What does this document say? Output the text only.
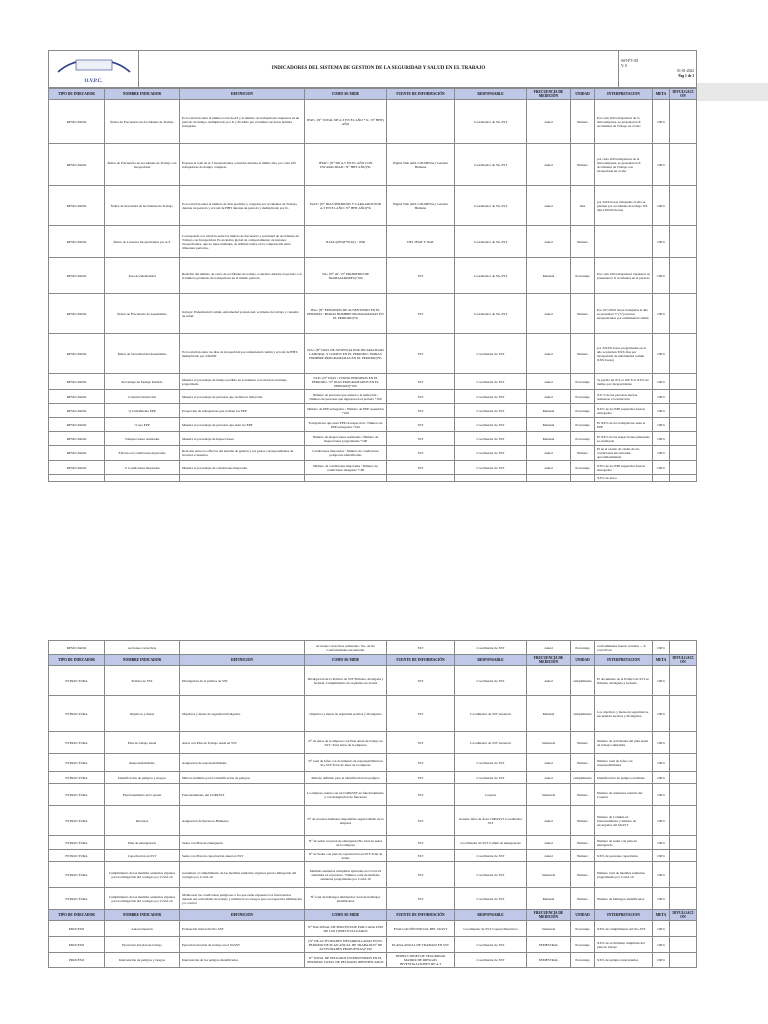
O.V.P.C.
	INDICADORES DEL SISTEMA DE GESTION DE LA SEGURIDAD Y SALUD EN EL TRABAJO	
SST-FT-101
V: 0
01-01-2022
Pag 1 de 1
TIPO DE INDICADOR	NOMBRE INDICADOR	DEFINICION	COMO SE MIDE	FUENTE DE INFORMACIÓN	RESPONSABLE	FRECUENCIA DE MEDICIÓN	UNIDAD	INTERPRETACION	META	DIVULGACION
RESULTADO	Índice de Frecuencia de Accidentes de Trabajo	Es la relación entre el número total de AT y el número de trabajadores expuestos en un período de tiempo, multiplicado por K y dividido por el número de horas hombre trabajadas.	IFAT= (N° TOTAL DE A.T EN EL AÑO * K / N° HHT) AÑO		Coordinador de SG-SST	Anual	Numero	Por cada 100 trabajadores de la microempresa, se presentaron X Accidentes de Trabajo en el año	100%	
RESULTADO	Índice de Frecuencia de Accidentes de Trabajo con Incapacidad	Expresa el total de A.T incapacitantes ocurridos durante el último año, por cada 100 trabajadores de tiempo completo.	IFIAT= (N° DE A.T EN EL AÑO CON INCAPACIDAD / N° HHT AÑO)*K	Página Web ARL COLMENA y Gestión Humana	Coordinador de SG-SST	Anual	Numero	por cada 100 trabajadores de la microempresa, se presentaron X Accidentes de Trabajo con incapacidad en el año	100%	
RESULTADO	Índice de Severidad de Accidentes de Trabajo	Es la relación entre el número de días perdidos y cargados por accidentes de Trabajo, durante un periodo y el total de HHT durante un periodo y multiplicado por K.	ISAT= (N° DIAS PERDIDOS Y CARGADOS POR A.T EN EL AÑO / N° HHT AÑO)*K	Página Web ARL COLMENA y Gestión Humana	Coordinador de SG-SST	Anual	días	por XXX horas trabajadas al año se pierden por accidentes de trabajo XX días (365.00 horas)	100%	
RESULTADO	Índice de Lesiones Incapacitantes por A.T	Corresponde a la relación entre los índices de frecuencia y severidad de Accidentes de Trabajo con Incapacidad. Es un índice global de comportamiento de lesiones incapacitantes, que no tiene unidades, su utilidad radica en la comparación entre diferentes periodos.	ILIAT=(IFIAT*ISAT) / 1000	DEL IFIAT Y ISAT	Coordinador de SG-SST	Anual	Numero		100%	
RESULTADO	Tasa Accidentalidad	Relación del número de casos de accidentes de trabajo, ocurridos durante el periodo con el número promedio de trabajadores en el mismo periodo.	TA= (N° AT / N° PROMEDIO DE TRABAJADORES)*100	SST	Coordinador de SG-SST	Mensual	Porcentaje	Por cada 100 trabajadores expuestos se presentaron X accidentes en el periodo	100%	
RESULTADO	Índice de Frecuencia de Ausentismo	Incluye: Enfermedad Común, enfermedad profesional, accidente de trabajo y consulta de salud.	IFA= (N° EPISODIOS DE AUSENTISMO EN EL PERIODO / HORAS HOMBRE PROGRAMADAS EN EL PERIODO)*K	SST	Coordinador de SG-SST	Anual	Numero	Por 167,500.0 horas trabajadas al año se presentan ?? (??) eventos incapacitantes por enfermedad común	100%	
RESULTADO	Índice de Severidad del Ausentismo	Es la relación entre los días de incapacidad por enfermedad común y el total de HHT, multiplicado por 240.000	ISA= (N° DIAS DE AUSENCIA POR INCAPACIDAD LABORAL Y COMUN EN EL PERIODO / HORAS HOMBRE PROGRAMADAS EN EL PERIODO)*K	SST	Coordinador de SST	Anual	Numero	por XXXX horas programadas en el año se pierden XXX días por incapacidad de enfermedad común XXX horas)	100%	
RESULTADO	Porcentaje de Tiempo Perdido	Muestra el porcentaje de tiempo perdido en accidentes con relación al tiempo programado.	%TP= (N° DIAS / TURNO PERDIDOS EN EL PERIODO / N° DIAS PROGRAMADOS EN EL PERIODO)*100	SST	Coordinador de SST	Anual	Porcentaje	Se perdió un X% el 100 X el XX% de tiempo por incapacidades	100%	
RESULTADO	Cobertura Inducción	Muestra el porcentaje de personas que reciben la inducción.	Número de personas que asisten a la inducción / Número de personas que ingresan en el periodo *100	SST	Coordinador de SST	Anual	Porcentaje	XX % de las personas nuevas asistieron a la inducción	100%	
RESULTADO	% Cubrimiento EPP	Proporción de trabajadores que reciben los EPP	Número de EPP entregados / Número de EPP requeridos *100	SST	Coordinador de SST	Mensual	Porcentaje	XX% de los EPP requeridos fueron entregados	100%	
RESULTADO	% uso EPP	Muestra el porcentaje de personas que usan los EPP	Trabajadores que usan EPP en inspección / Número de EPP entregados *100	SST	Coordinador de SST	Mensual	Porcentaje	El XX% de los trabajadores usan el EPP	100%	
RESULTADO	%Inspecciones realizadas	Muestra el porcentaje de Inspecciones	Número de inspecciones realizadas / Número de inspecciones programadas *100	SST	Coordinador de SST	Mensual	Porcentaje	El XX% de las inspecciones planeadas se realizaron	100%	
RESULTADO	Eficacia en condiciones mejoradas	Relación entre los effectos del sistema de gestión y los gastos correspondientes de recursos e insumos	Condiciones mejoradas / Número de condiciones peligrosas identificadas	SST	Coordinador de SST	Anual	Numero	El en el evento de caídas de las condiciones encontradas, aproximadamente	100%	
RESULTADO	% Condiciones mejoradas	Muestra el porcentaje de condiciones mejoradas	Número de condiciones mejoradas / Número de condiciones inseguras *100	SST	Coordinador de SST	Anual	Porcentaje	XX% de los EPP requeridos fueron entregados	100%	
								XX% de lesvo		
RESULTADO	Acciones correctivas		Acciones correctivas realizadas / No. de No Conformidades encontradas	SST	Coordinador de SST	Anual	Porcentaje	conformidades fueron cerradas ... X correctivas	100%	
TIPO DE INDICADOR	NOMBRE INDICADOR	DEFINICION	COMO SE MIDE	FUENTE DE INFORMACIÓN	RESPONSABLE	FRECUENCIA DE MEDICIÓN	UNIDAD	INTERPRETACION	META	DIVULGACION
ESTRUCTURA	Política de SST	Divulgación de la política de SST	Divulgación de la Política de SST Firmada, divulgada y fechada. Cumplimiento de requisitos de norma	SST	Coordinador de SST	Anual	cumplimiento	El documento de la Política de SST se firmada, divulgada y fechada.	100%	
ESTRUCTURA	Objetivos y metas	Objetivos y metas de seguridad divulgados	Objetivos y metas de seguridad escritos y divulgados	SST	Coordinador de SST Gerencia	Mensual	cumplimiento	Los objetivos y metas de seguridad se encuentran escritos y divulgados.	100%	
ESTRUCTURA	Plan de trabajo anual	Anios con Plan de Trabajo anual en SST	N° de anios de la empresa con Plan anual de trabajo en SST /Total anios de la empresa	SST	Coordinador de SST Gerencia	Semestral	Numero	Numero de actividades del plan anual de trabajo cumplidas	100%	
ESTRUCTURA	Responsabilidades	Asignación de responsabilidades	N° total de Jefes con documento de responsabilidad en SG-SST/Total de Jefes de la empresa	SST	Coordinador de SST	Anual	Numero	Número total de Jefes con responsabilidades	100%	
ESTRUCTURA	Identificación de peligros y riesgos	Método definido para la identificación de peligros	Método definido para la identificación de peligros	SST	Coordinador de SST	Anual	cumplimiento	Identificación de peligros realizada	100%	
ESTRUCTURA	Funcionamiento del Copasst	Funcionamiento del COPASST	La empresa cuenta con un COPASST en funcionamiento y con designación de funciones	SST	Copasst	Semestral	Numero	Numero de reuniones reunido del Copasst	100%	
ESTRUCTURA	Recursos	Asignación de Recursos Humanos	N° de recursos humanos disponibles según tamaño de la empresa	SST	Gerente Jefes de Área COPASST Coordinador SST	Anual	Numero	Numero de Comités en funcionamiento y número de encargados del SGSST	100%	
ESTRUCTURA	Plan de emergencias	Sedes con Plan de emergencia	N° de sedes con plan de emergencia/No total de sedes de la empresa	SST	Coordinador de SST Comité de emergencias	Anual	Numero	Numero de sedes con plan de emergencia	100%	
ESTRUCTURA	Capacitación en SST	Sedes con Plan de capacitación anual en SST	N° de Sedes con plan de capacitación en SST/Total de Sedes	SST	Coordinador de SST	Anual	Numero	XX% de personas capacitadas	100%	
ESTRUCTURA	Cumplimiento de las medidas sanitarias vigentes para la mitigación del contagio por Covid-19	Garantizar el cumplimiento de las medidas sanitarias vigentes para la mitigación del contagio por Covid-19	Medidas sanitarias cumplidas aplicadas en Covid-19 atendidas en el periodo / Número total de medidas sanitarias programadas por Covid-19	SST	Coordinador de SST	Semestral	Numero	Número total de medidas sanitarias programadas por Covid-19	100%	
ESTRUCTURA	Cumplimiento de las medidas sanitarias vigentes para la mitigación del contagio por Covid-19	Monitorear las condiciones peligrosas a los que están expuestos los funcionarios durante sus actividades de trabajo y establecer los riesgos para su respectiva eliminación y/o control	N° total de hallazgos eliminados/ total de hallazgos identificados	SST	Coordinador de SST	Mensual	Numero	Numero de hallazgos identificados	100%	
TIPO DE INDICADOR	NOMBRE INDICADOR	DEFINICION	COMO SE MIDE	FUENTE DE INFORMACIÓN	RESPONSABLE	FRECUENCIA DE MEDICIÓN	UNIDAD	INTERPRETACION	META	DIVULGACION
PROCESO	Autoevaluación	Evaluación inicial del SG-SST	N° NACIONAL DE PERCENTAJE POR CADA UNO DE LOS ITEMS EVALUADOS	EVALUACIÓN INICIAL DEL SGSST	Coordinador de SST Copasst Directivos	Semestral	Porcentaje	XX% de cumplimiento del SG-SST	100%	
PROCESO	Ejecución del plan de trabajo	Ejecución del plan de trabajo en el SGSST	(N° DE ACTIVIDADES DESARROLLADAS EN EL PERIODO DE PLAN ANUAL DE TRABAJO/N° DE ACTIVIDADES PROPUESTAS)*100	PLANA ANUAL DE TRABAJO EN SST	Coordinador de SST	SEMESTRAL	Porcentaje	XX% de actividades cumplidas del plan de trabajo	100%	
PROCESO	Intervención de peligros y riesgos	Intervención de los peligros identificados	N° TOTAL DE PELIGROS INTERVENIDOS EN EL PERIODO/ TOTAL DE PELIGROS IDENTIFICADOS	INSPECCIONES DE SEGURIDAD MATRIZ DE RIESGOS INVESTIGACIONES DE A.T	Coordinador de SST	SEMESTRAL	Porcentaje	XX% de peligros intervenidos	100%	
